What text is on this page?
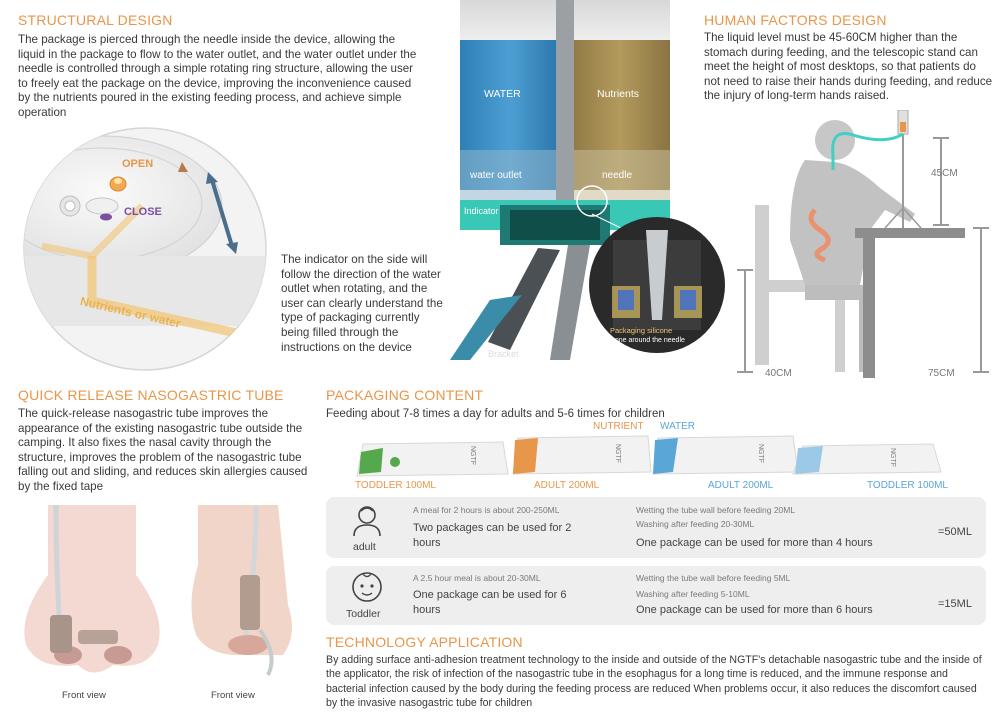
STRUCTURAL DESIGN
The package is pierced through the needle inside the device, allowing the liquid in the package to flow to the water outlet, and the water outlet under the needle is controlled through a simple rotating ring structure, allowing the user to freely eat the package on the device, improving the inconvenience caused by the nutrients poured in the existing feeding process, and achieve simple operation
OPEN
CLOSE
Nutrients or water
The indicator on the side will follow the direction of the water outlet when rotating, and the user can clearly understand the type of packaging currently being filled through the instructions on the device
WATER	Nutrients
water outlet	needle
Indicator
Swivel
Bracket
Packaging silicone
Silicone around the needle
HUMAN FACTORS DESIGN
The liquid level must be 45-60CM higher than the stomach during feeding, and the telescopic stand can meet the height of most desktops, so that patients do not need to raise their hands during feeding, and reduce the injury of long-term hands raised.
45CM
40CM	75CM
QUICK RELEASE NASOGASTRIC TUBE
The quick-release nasogastric tube improves the appearance of the existing nasogastric tube outside the camping. It also fixes the nasal cavity through the structure, improves the problem of the nasogastric tube falling out and sliding, and reduces skin allergies caused by the fixed tape
Front view	Front view
PACKAGING CONTENT
Feeding about 7-8 times a day for adults and 5-6 times for children
NUTRIENT WATER
NGTF	NGTF	NGTF	NGTF
TODDLER 100ML	ADULT 200ML	ADULT 200ML	TODDLER 100ML
adult
A meal for 2 hours is about 200-250ML
Two packages can be used for 2 hours
Wetting the tube wall before feeding 20ML
Washing after feeding 20-30ML
One package can be used for more than 4 hours
=50ML
Toddler
A 2.5 hour meal is about 20-30ML
One package can be used for 6 hours
Wetting the tube wall before feeding 5ML
Washing after feeding 5-10ML
One package can be used for more than 6 hours	=15ML
TECHNOLOGY APPLICATION
By adding surface anti-adhesion treatment technology to the inside and outside of the NGTF's detachable nasogastric tube and the inside of the applicator, the risk of infection of the nasogastric tube in the esophagus for a long time is reduced, and the immune response and bacterial infection caused by the body during the feeding process are reduced When problems occur, it also reduces the discomfort caused by the invasive nasogastric tube for children
